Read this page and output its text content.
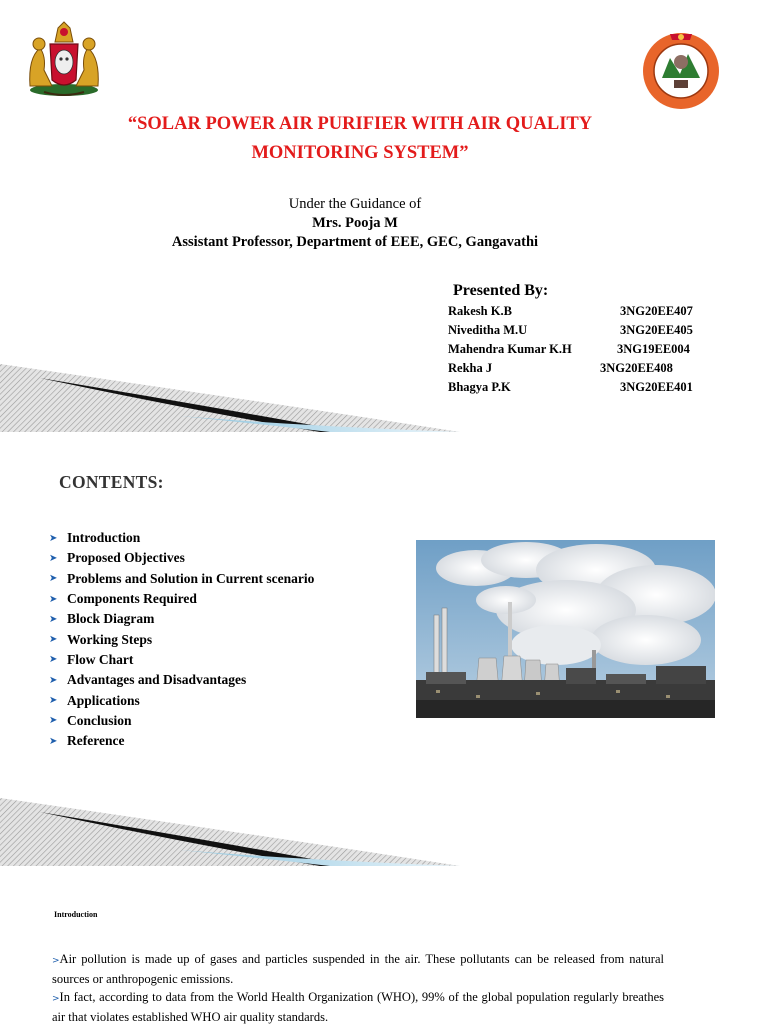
“SOLAR POWER AIR PURIFIER WITH AIR QUALITY
MONITORING SYSTEM”
Under the Guidance of
Mrs. Pooja M
Assistant Professor, Department of EEE, GEC, Gangavathi
Presented By:
Rakesh K.B	3NG20EE407
Niveditha M.U	3NG20EE405
Mahendra Kumar K.H	3NG19EE004
Rekha J	3NG20EE408
Bhagya P.K	3NG20EE401
CONTENTS:
➤ Introduction
➤ Proposed Objectives
➤ Problems and Solution in Current scenario
➤ Components Required
➤ Block Diagram
➤ Working Steps
➤ Flow Chart
➤ Advantages and Disadvantages
➤ Applications
➤ Conclusion
➤ Reference
Introduction
>Air pollution is made up of gases and particles suspended in the air. These pollutants can be released from natural sources or anthropogenic emissions.
>In fact, according to data from the World Health Organization (WHO), 99% of the global population regularly breathes air that violates established WHO air quality standards.
